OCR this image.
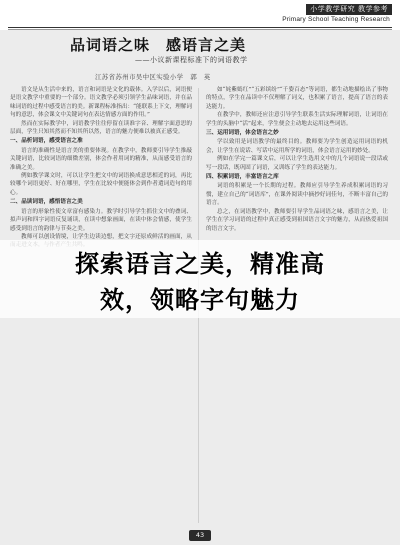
小学教学研究 教学参考
Primary School Teaching Research
品词语之味　感语言之美
——小议新课程标准下的词语教学
江苏省苏州市吴中区实验小学　郭　英

语文是从生活中来的，语言和词语是文化的载体。入学以后，词语便是语文教学中重要的一个部分。语文教学必须引领学生品味词语，并在品味词语的过程中感受语言的美。新课程标准指出：“能联系上下文，理解词句的意思，体会课文中关键词句在表达情感方面的作用。”

然而在实际教学中，词语教学往往停留在读准字音、理解字面意思的层面，学生只知其然而不知其所以然，语言的魅力便难以被真正感受。

一、品析词语，感受语言之准

语言的准确性是语言美的重要体现。在教学中，教师要引导学生推敲关键词语，比较词语的细微差别，体会作者用词的精准，从而感受语言的准确之美。

例如教学课文时，可以让学生把文中的词语换成意思相近的词，再比较哪个词语更好、好在哪里，学生在比较中便能体会到作者遣词造句的用心。

二、品读词语，感悟语言之美

语言的形象性使文章富有感染力。教学时引导学生抓住文中的叠词、拟声词和四字词语反复诵读，在读中想象画面，在读中体会情感，使学生感受到语言的韵律与节奏之美。

教师可以创设情境，让学生边读边想，把文字还原成鲜活的画面，从

如“姹紫嫣红”“五彩缤纷”“千姿百态”等词语，都生动地描绘出了事物的特点，学生在品读中不仅理解了词义，也积累了语言，提高了语言的表达能力。

在教学中，教师还应注意引导学生联系生活实际理解词语，让词语在学生的头脑中“活”起来，学生便会主动地去运用这些词语。

三、运用词语，体会语言之妙

学以致用是词语教学的最终目的。教师要为学生创造运用词语的机会，让学生在说话、写话中运用所学的词语，体会语言运用的妙处。

例如在学完一篇课文后，可以让学生选用文中的几个词语说一段话或写一段话，既巩固了词语，又训练了学生的表达能力。

四、积累词语，丰富语言之库

词语的积累是一个长期的过程。教师应引导学生养成积累词语的习惯，建立自己的“词语库”，在课外阅读中摘抄好词佳句，不断丰富自己的语言。

总之，在词语教学中，教师要引导学生品词语之味，感语言之美，让学生在学习词语的过程中真正感受到祖国语言文字的魅力，从而热爱祖国的语言文字。

探索语言之美，精准高
效，领略字句魅力
43
